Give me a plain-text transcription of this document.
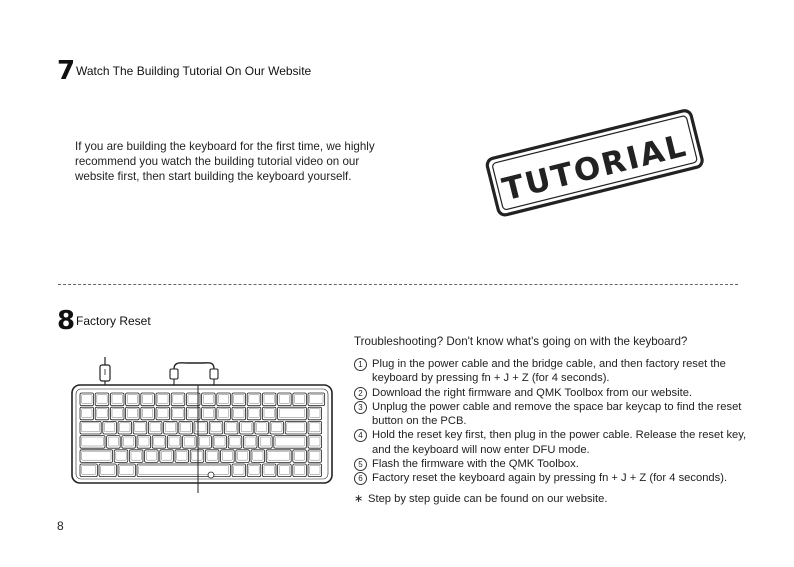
7 Watch The Building Tutorial On Our Website
If you are building the keyboard for the first time, we highly
recommend you watch the building tutorial video on our
website first, then start building the keyboard yourself.	TUTORIAL
8 Factory Reset
Troubleshooting? Don't know what's going on with the keyboard?
1 Plug in the power cable and the bridge cable, and then factory reset the keyboard by pressing fn + J + Z (for 4 seconds).
2 Download the right firmware and QMK Toolbox from our website.
3 Unplug the power cable and remove the space bar keycap to find the reset button on the PCB.
4 Hold the reset key first, then plug in the power cable. Release the reset key, and the keyboard will now enter DFU mode.
5 Flash the firmware with the QMK Toolbox.
6 Factory reset the keyboard again by pressing fn + J + Z (for 4 seconds).
∗ Step by step guide can be found on our website.
8
